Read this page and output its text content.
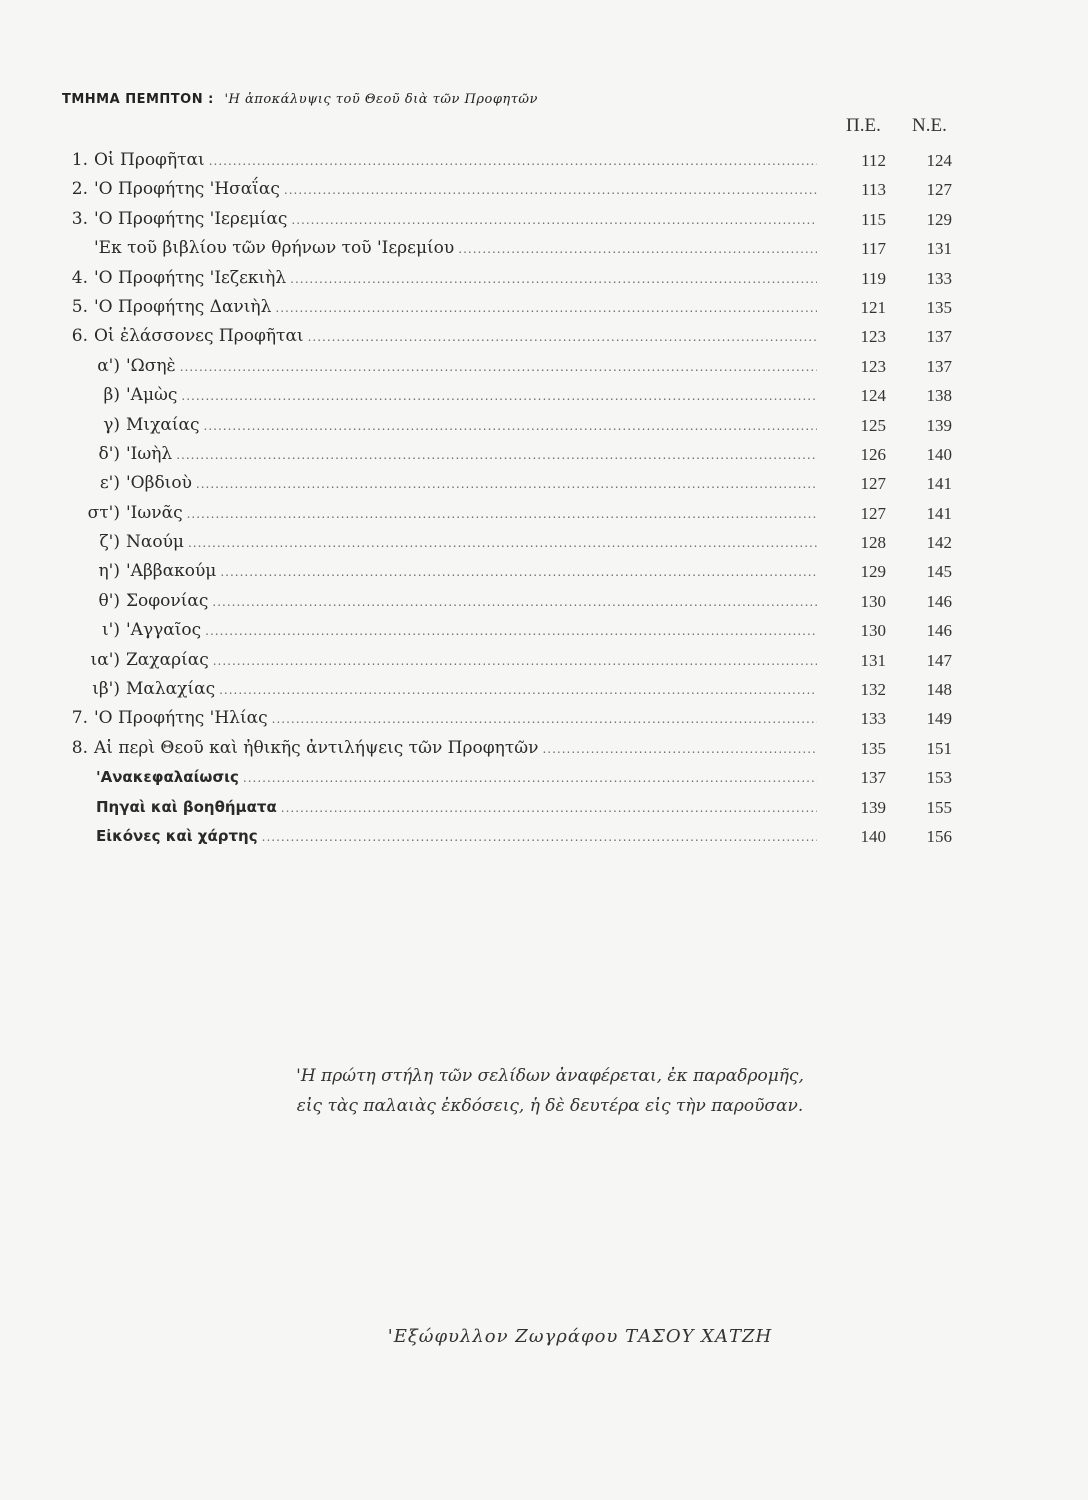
ΤΜΗΜΑ ΠΕΜΠΤΟΝ : 'Η ἀποκάλυψις τοῦ Θεοῦ διὰ τῶν Προφητῶν
Π.Ε. Ν.Ε.
1. Οἱ Προφῆται .....	112	124
2. 'Ο Προφήτης 'Ησαΐας .....	113	127
3. 'Ο Προφήτης 'Ιερεμίας .....	115	129
'Εκ τοῦ βιβλίου τῶν θρήνων τοῦ 'Ιερεμίου .....	117	131
4. 'Ο Προφήτης 'Ιεζεκιὴλ .....	119	133
5. 'Ο Προφήτης Δανιὴλ .....	121	135
6. Οἱ ἐλάσσονες Προφῆται .....	123	137
α') 'Ωσηὲ .....	123	137
β) 'Αμὼς .....	124	138
γ) Μιχαίας .....	125	139
δ') 'Ιωὴλ .....	126	140
ε') 'Οβδιοὺ .....	127	141
στ') 'Ιωνᾶς .....	127	141
ζ') Ναούμ .....	128	142
η') 'Αββακούμ .....	129	145
θ') Σοφονίας .....	130	146
ι') 'Αγγαῖος .....	130	146
ια') Ζαχαρίας .....	131	147
ιβ') Μαλαχίας .....	132	148
7. 'Ο Προφήτης 'Ηλίας .....	133	149
8. Αἱ περὶ Θεοῦ καὶ ἠθικῆς ἀντιλήψεις τῶν Προφητῶν .....	135	151
'Ανακεφαλαίωσις .....	137	153
Πηγαὶ καὶ βοηθήματα .....	139	155
Εἰκόνες καὶ χάρτης .....	140	156
'Η πρώτη στήλη τῶν σελίδων ἀναφέρεται, ἐκ παραδρομῆς,
εἰς τὰς παλαιὰς ἐκδόσεις, ἡ δὲ δευτέρα εἰς τὴν παροῦσαν.
'Εξώφυλλον Ζωγράφου ΤΑΣΟΥ ΧΑΤΖΗ
